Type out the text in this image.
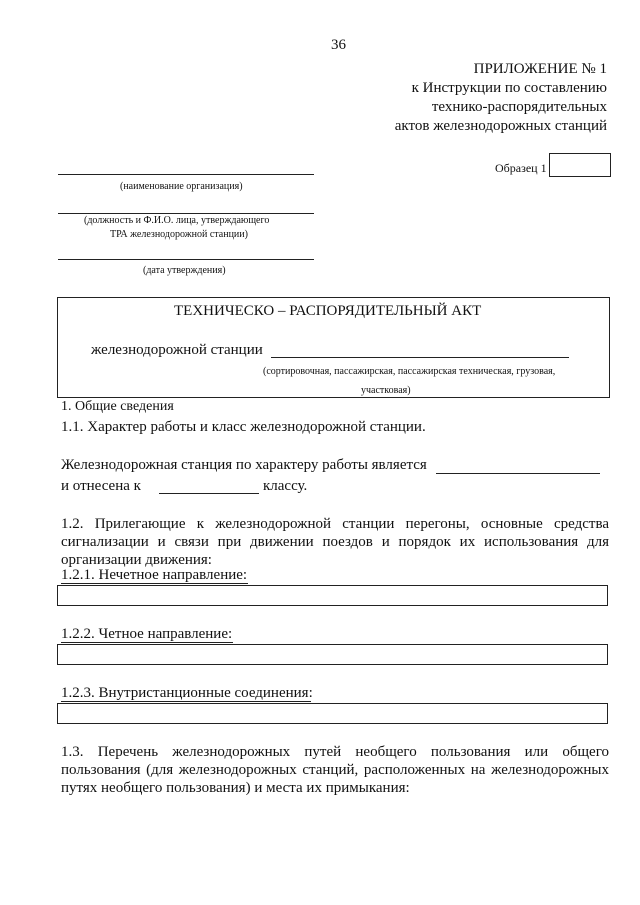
36
ПРИЛОЖЕНИЕ № 1
к Инструкции по составлению
технико-распорядительных
актов железнодорожных станций
Образец 1
(наименование организация)
(должность и Ф.И.О. лица, утверждающего
ТРА железнодорожной станции)
(дата утверждения)
ТЕХНИЧЕСКО – РАСПОРЯДИТЕЛЬНЫЙ АКТ
железнодорожной станции
(сортировочная, пассажирская, пассажирская техническая, грузовая,
участковая)
1. Общие сведения
1.1. Характер работы и класс железнодорожной станции.
Железнодорожная станция по характеру работы является
и отнесена к	классу.
1.2. Прилегающие к железнодорожной станции перегоны, основные средства сигнализации и связи при движении поездов и порядок их использования для организации движения:
1.2.1. Нечетное направление:
1.2.2. Четное направление:
1.2.3. Внутристанционные соединения:
1.3. Перечень железнодорожных путей необщего пользования или общего пользования (для железнодорожных станций, расположенных на железнодорожных путях необщего пользования) и места их примыкания:
